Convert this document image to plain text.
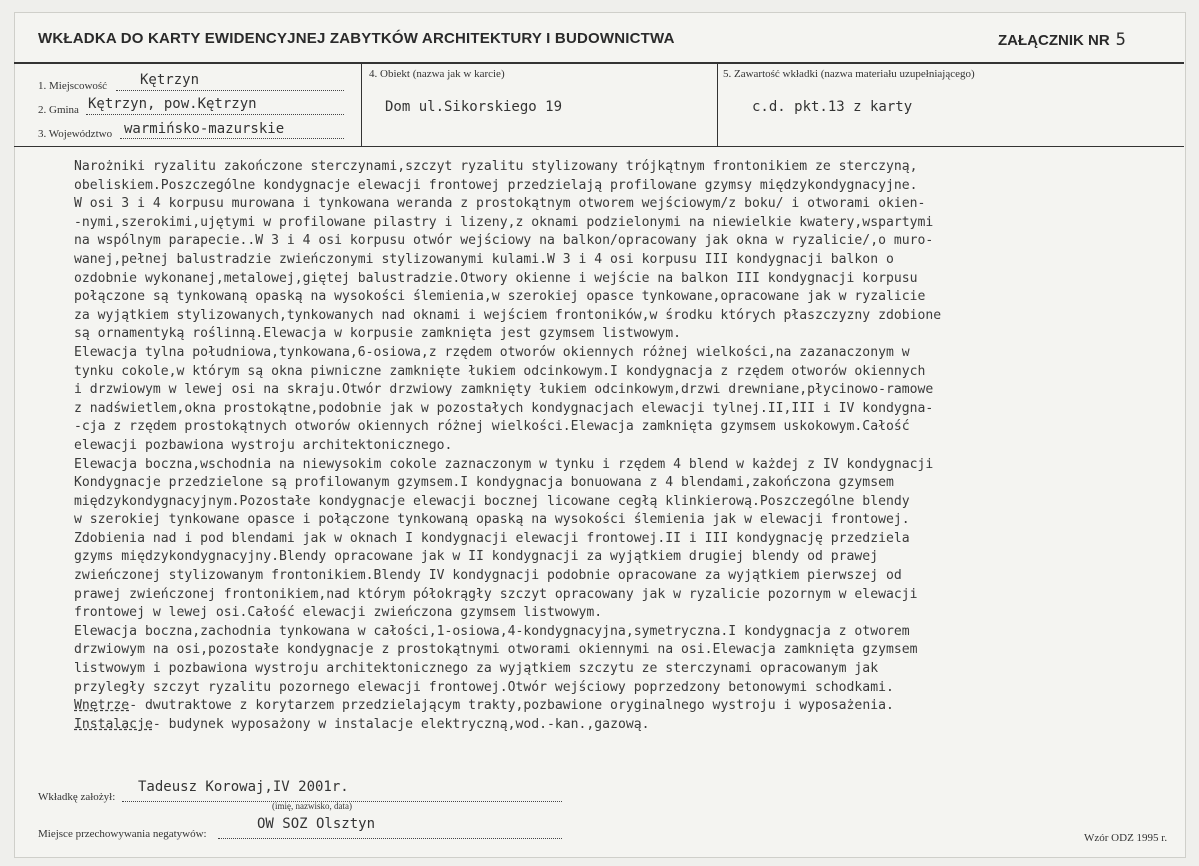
WKŁADKA DO KARTY EWIDENCYJNEJ ZABYTKÓW ARCHITEKTURY I BUDOWNICTWA	ZAŁĄCZNIK NR 5
1. Miejscowość Kętrzyn
2. Gmina Kętrzyn, pow.Kętrzyn
3. Województwo warmińsko-mazurskie
4. Obiekt (nazwa jak w karcie)
Dom ul.Sikorskiego 19
5. Zawartość wkładki (nazwa materiału uzupełniającego)
c.d. pkt.13 z karty
Narożniki ryzalitu zakończone sterczynami,szczyt ryzalitu stylizowany trójkątnym frontonikiem ze sterczyną,
obeliskiem.Poszczególne kondygnacje elewacji frontowej przedzielają profilowane gzymsy międzykondygnacyjne.
W osi 3 i 4 korpusu murowana i tynkowana weranda z prostokątnym otworem wejściowym/z boku/ i otworami okien-
-nymi,szerokimi,ujętymi w profilowane pilastry i lizeny,z oknami podzielonymi na niewielkie kwatery,wspartymi
na wspólnym parapecie..W 3 i 4 osi korpusu otwór wejściowy na balkon/opracowany jak okna w ryzalicie/,o muro-
wanej,pełnej balustradzie zwieńczonymi stylizowanymi kulami.W 3 i 4 osi korpusu III kondygnacji balkon o
ozdobnie wykonanej,metalowej,giętej balustradzie.Otwory okienne i wejście na balkon III kondygnacji korpusu
połączone są tynkowaną opaską na wysokości ślemienia,w szerokiej opasce tynkowane,opracowane jak w ryzalicie
za wyjątkiem stylizowanych,tynkowanych nad oknami i wejściem frontoników,w środku których płaszczyzny zdobione
są ornamentyką roślinną.Elewacja w korpusie zamknięta jest gzymsem listwowym.
Elewacja tylna południowa,tynkowana,6-osiowa,z rzędem otworów okiennych różnej wielkości,na zazanaczonym w
tynku cokole,w którym są okna piwniczne zamknięte łukiem odcinkowym.I kondygnacja z rzędem otworów okiennych
i drzwiowym w lewej osi na skraju.Otwór drzwiowy zamknięty łukiem odcinkowym,drzwi drewniane,płycinowo-ramowe
z nadświetlem,okna prostokątne,podobnie jak w pozostałych kondygnacjach elewacji tylnej.II,III i IV kondygna-
-cja z rzędem prostokątnych otworów okiennych różnej wielkości.Elewacja zamknięta gzymsem uskokowym.Całość
elewacji pozbawiona wystroju architektonicznego.
Elewacja boczna,wschodnia na niewysokim cokole zaznaczonym w tynku i rzędem 4 blend w każdej z IV kondygnacji
Kondygnacje przedzielone są profilowanym gzymsem.I kondygnacja bonuowana z 4 blendami,zakończona gzymsem
międzykondygnacyjnym.Pozostałe kondygnacje elewacji bocznej licowane cegłą klinkierową.Poszczególne blendy
w szerokiej tynkowane opasce i połączone tynkowaną opaską na wysokości ślemienia jak w elewacji frontowej.
Zdobienia nad i pod blendami jak w oknach I kondygnacji elewacji frontowej.II i III kondygnację przedziela
gzyms międzykondygnacyjny.Blendy opracowane jak w II kondygnacji za wyjątkiem drugiej blendy od prawej
zwieńczonej stylizowanym frontonikiem.Blendy IV kondygnacji podobnie opracowane za wyjątkiem pierwszej od
prawej zwieńczonej frontonikiem,nad którym półokrągły szczyt opracowany jak w ryzalicie pozornym w elewacji
frontowej w lewej osi.Całość elewacji zwieńczona gzymsem listwowym.
Elewacja boczna,zachodnia tynkowana w całości,1-osiowa,4-kondygnacyjna,symetryczna.I kondygnacja z otworem
drzwiowym na osi,pozostałe kondygnacje z prostokątnymi otworami okiennymi na osi.Elewacja zamknięta gzymsem
listwowym i pozbawiona wystroju architektonicznego za wyjątkiem szczytu ze sterczynami opracowanym jak
przyległy szczyt ryzalitu pozornego elewacji frontowej.Otwór wejściowy poprzedzony betonowymi schodkami.
Wnętrze- dwutraktowe z korytarzem przedzielającym trakty,pozbawione oryginalnego wystroju i wyposażenia.
Instalacje- budynek wyposażony w instalacje elektryczną,wod.-kan.,gazową.
Wkładkę założył:
Tadeusz Korowaj,IV 2001r.
(imię, nazwisko, data)
Miejsce przechowywania negatywów:
OW SOZ Olsztyn
Wzór ODZ 1995 r.
